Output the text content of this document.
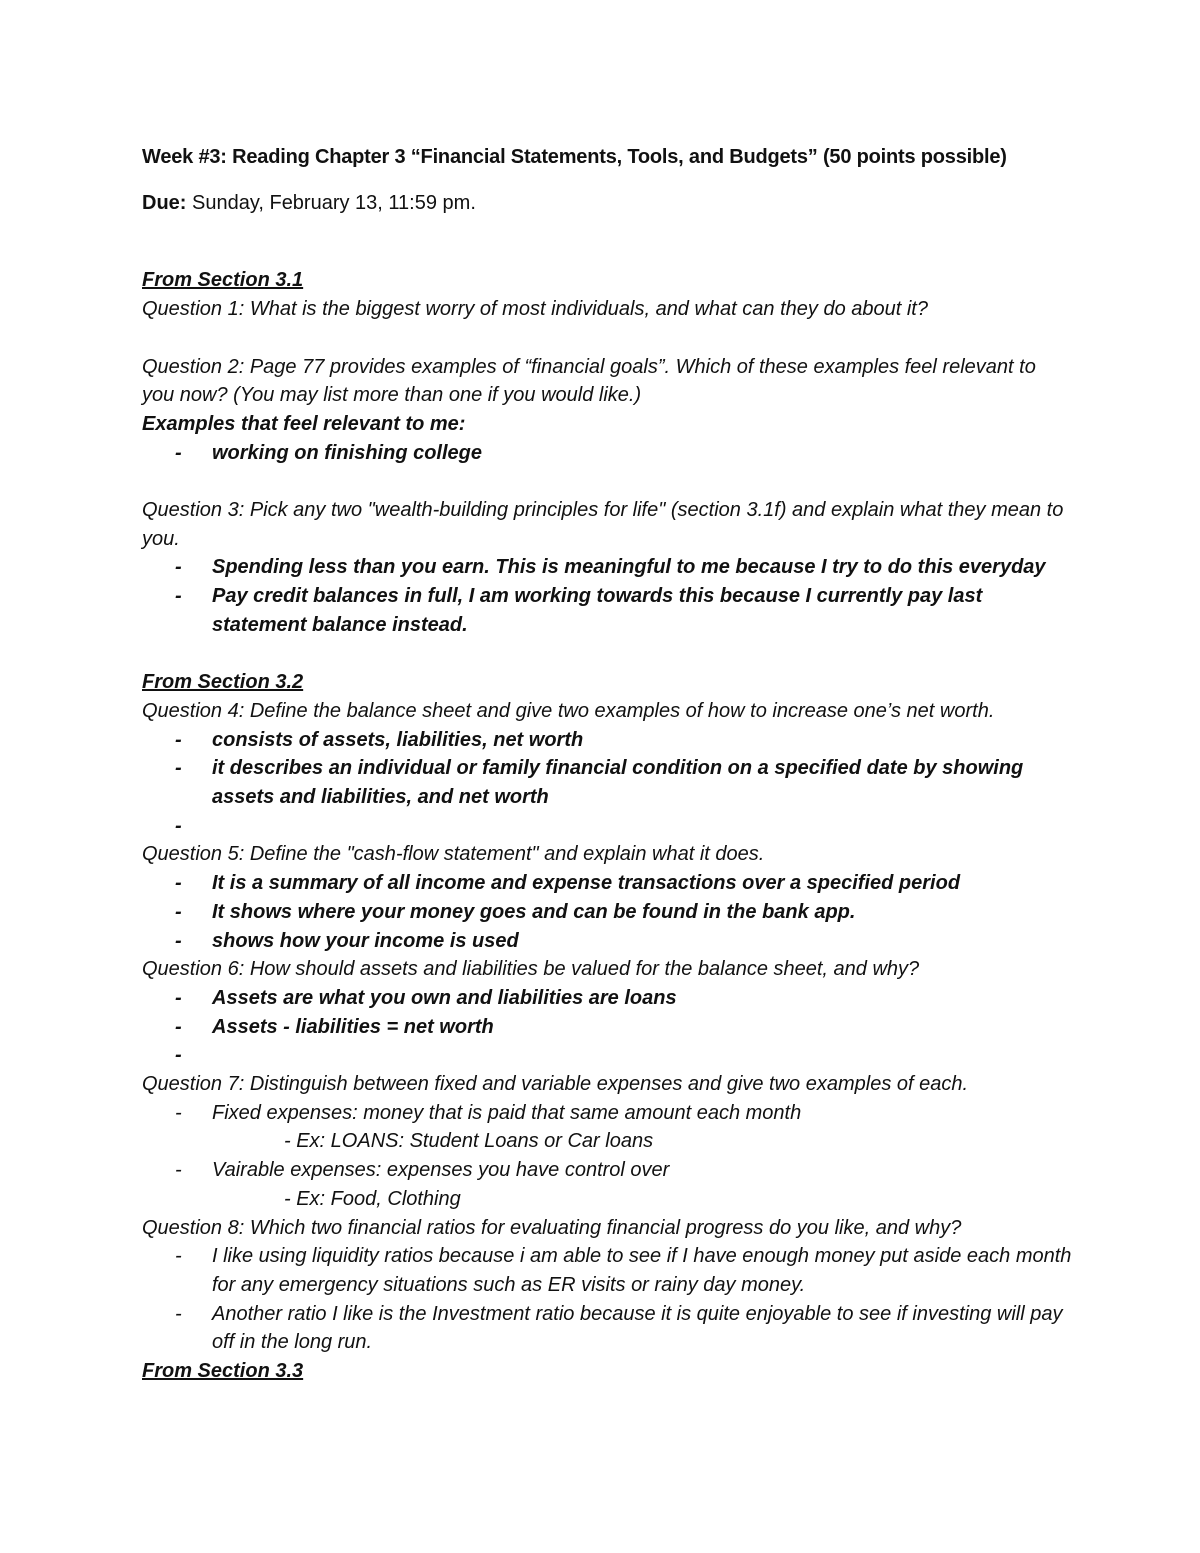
Week #3: Reading Chapter 3 “Financial Statements, Tools, and Budgets” (50 points possible)

Due: Sunday, February 13, 11:59 pm.

From Section 3.1

Question 1: What is the biggest worry of most individuals, and what can they do about it?

Question 2: Page 77 provides examples of “financial goals”. Which of these examples feel relevant to you now? (You may list more than one if you would like.)

Examples that feel relevant to me:

- working on finishing college

Question 3: Pick any two "wealth-building principles for life" (section 3.1f) and explain what they mean to you.

- Spending less than you earn. This is meaningful to me because I try to do this everyday
- Pay credit balances in full, I am working towards this because I currently pay last statement balance instead.

From Section 3.2

Question 4: Define the balance sheet and give two examples of how to increase one’s net worth.

- consists of assets, liabilities, net worth
- it describes an individual or family financial condition on a specified date by showing assets and liabilities, and net worth
-

Question 5: Define the "cash-flow statement" and explain what it does.

- It is a summary of all income and expense transactions over a specified period
- It shows where your money goes and can be found in the bank app.
- shows how your income is used

Question 6: How should assets and liabilities be valued for the balance sheet, and why?

- Assets are what you own and liabilities are loans
- Assets - liabilities = net worth
-

Question 7: Distinguish between fixed and variable expenses and give two examples of each.

- Fixed expenses: money that is paid that same amount each month

- Ex: LOANS: Student Loans or Car loans

- Vairable expenses: expenses you have control over

- Ex: Food, Clothing

Question 8: Which two financial ratios for evaluating financial progress do you like, and why?

- I like using liquidity ratios because i am able to see if I have enough money put aside each month for any emergency situations such as ER visits or rainy day money.
- Another ratio I like is the Investment ratio because it is quite enjoyable to see if investing will pay off in the long run.

From Section 3.3
